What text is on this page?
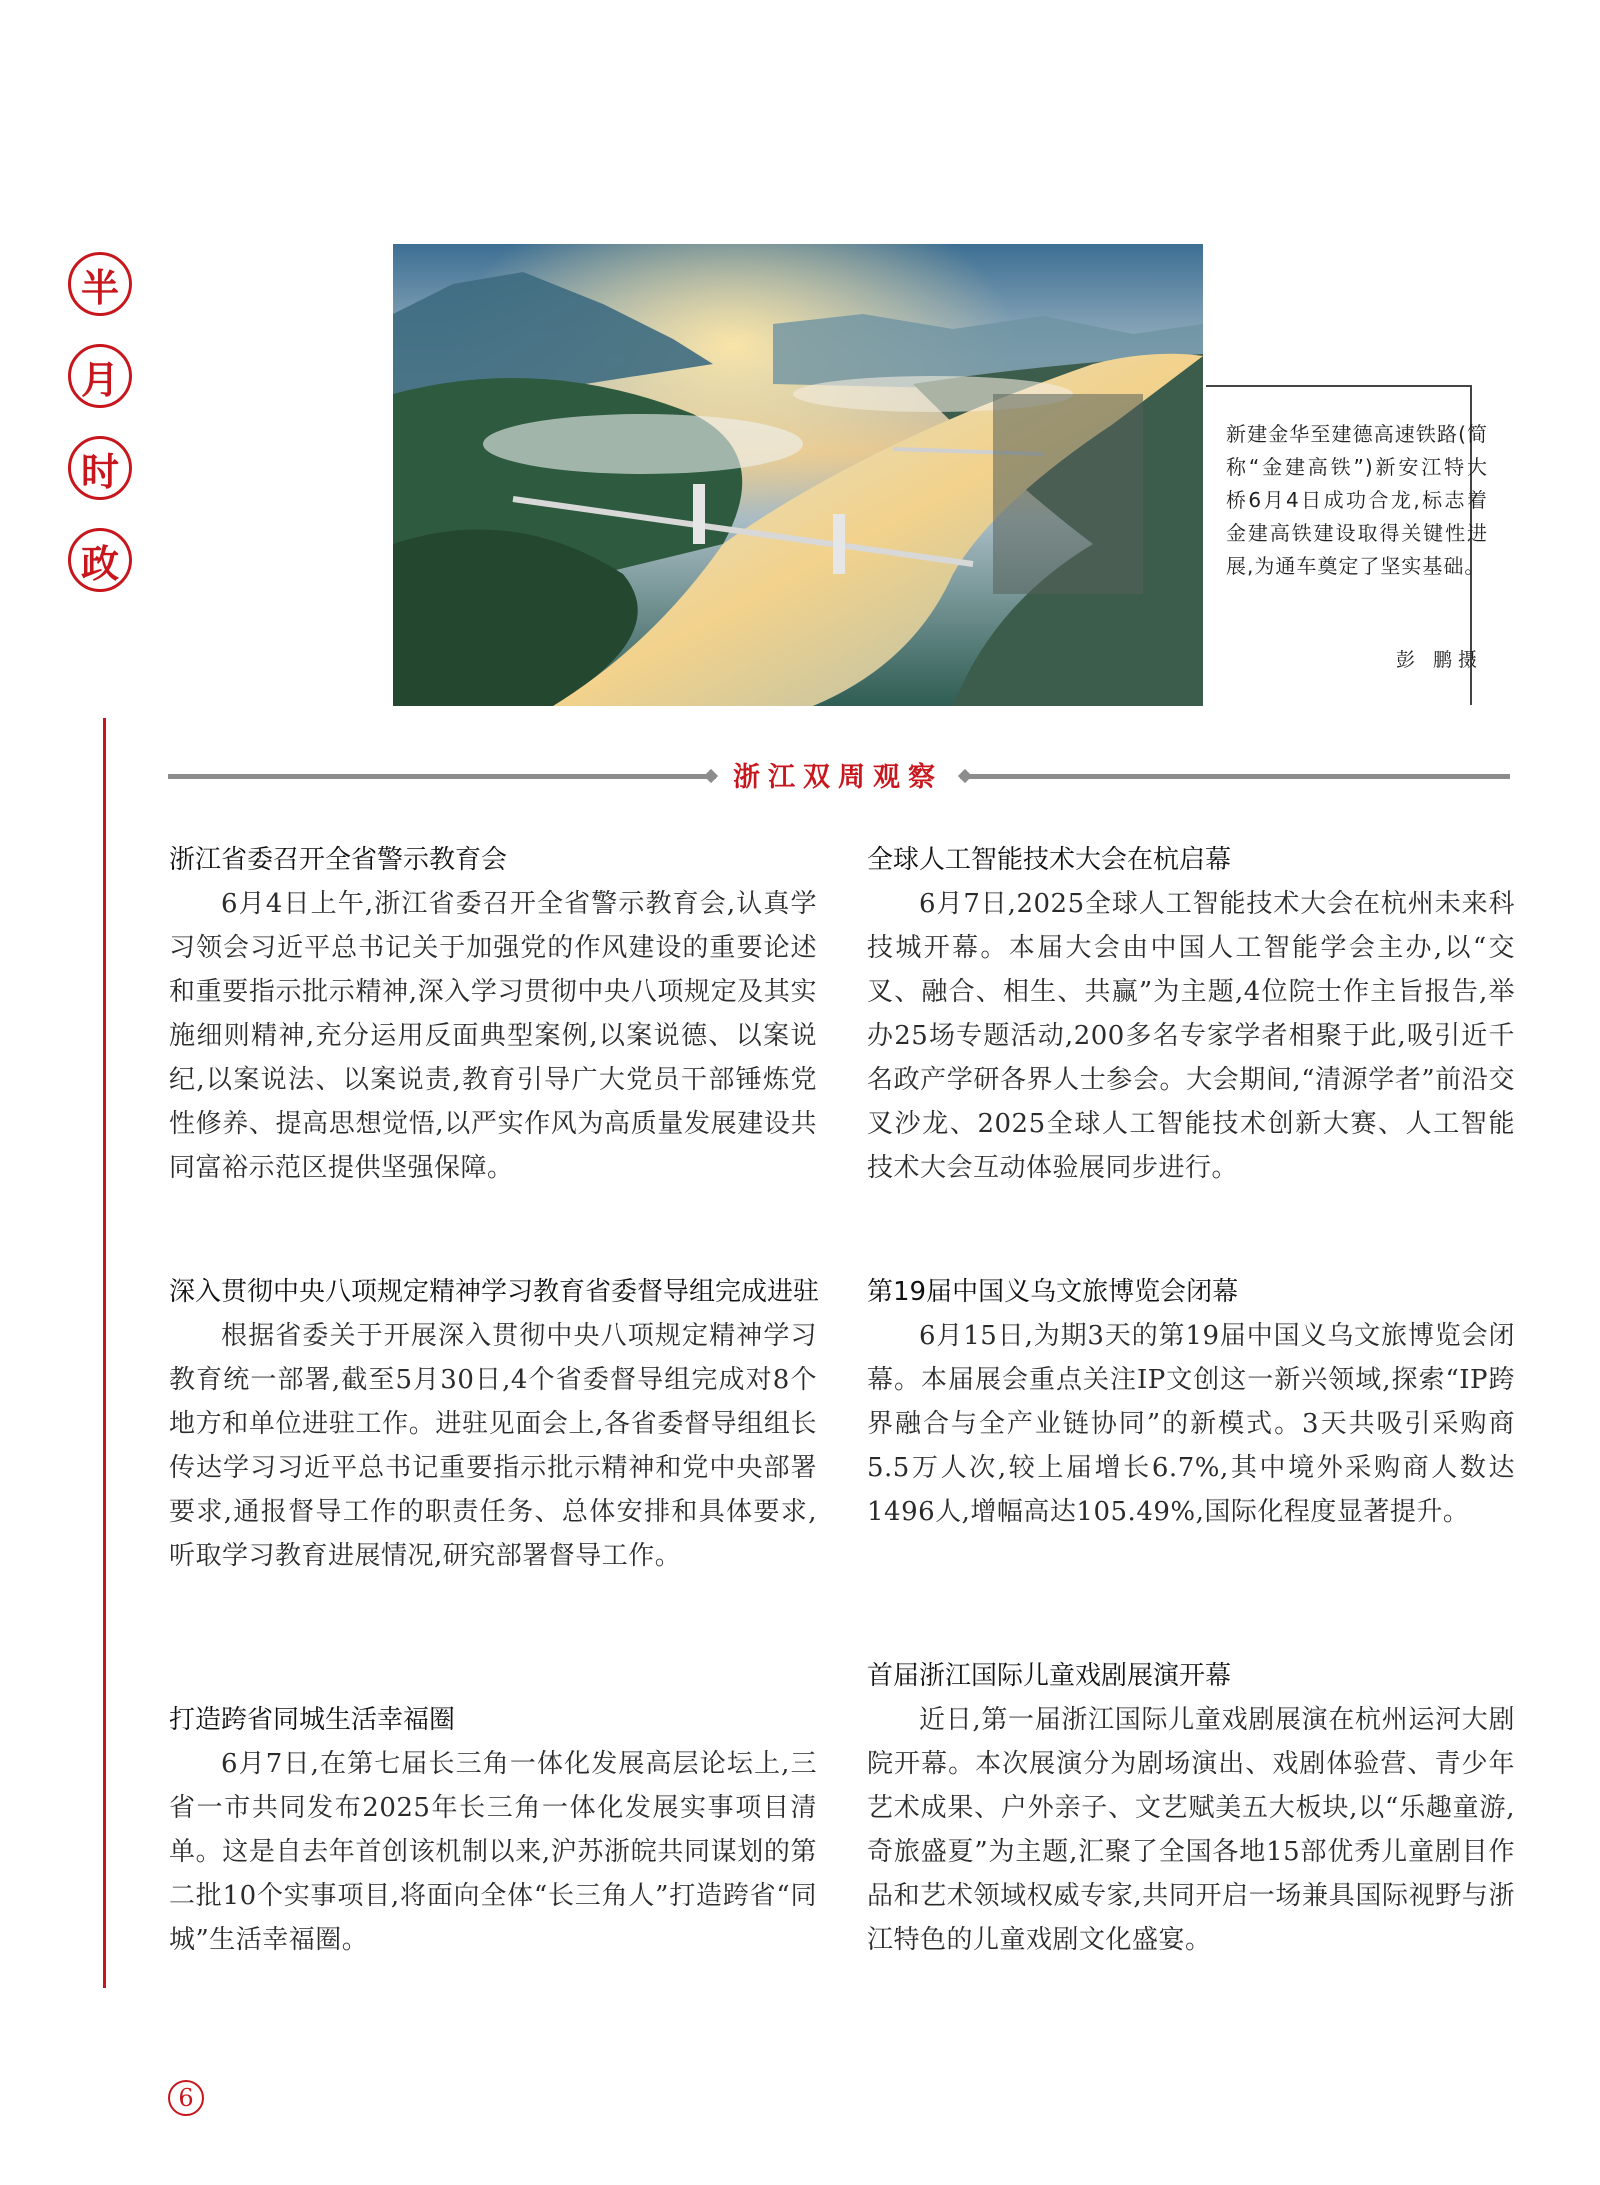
半
月
时
政
新建金华至建德高速铁路(简称“金建高铁”)新安江特大桥6月4日成功合龙,标志着金建高铁建设取得关键性进展,为通车奠定了坚实基础。
彭 鹏摄
浙江双周观察
浙江省委召开全省警示教育会
6月4日上午,浙江省委召开全省警示教育会,认真学习领会习近平总书记关于加强党的作风建设的重要论述和重要指示批示精神,深入学习贯彻中央八项规定及其实施细则精神,充分运用反面典型案例,以案说德、以案说纪,以案说法、以案说责,教育引导广大党员干部锤炼党性修养、提高思想觉悟,以严实作风为高质量发展建设共同富裕示范区提供坚强保障。
深入贯彻中央八项规定精神学习教育省委督导组完成进驻
根据省委关于开展深入贯彻中央八项规定精神学习教育统一部署,截至5月30日,4个省委督导组完成对8个地方和单位进驻工作。进驻见面会上,各省委督导组组长传达学习习近平总书记重要指示批示精神和党中央部署要求,通报督导工作的职责任务、总体安排和具体要求,听取学习教育进展情况,研究部署督导工作。
打造跨省同城生活幸福圈
6月7日,在第七届长三角一体化发展高层论坛上,三省一市共同发布2025年长三角一体化发展实事项目清单。这是自去年首创该机制以来,沪苏浙皖共同谋划的第二批10个实事项目,将面向全体“长三角人”打造跨省“同城”生活幸福圈。
全球人工智能技术大会在杭启幕
6月7日,2025全球人工智能技术大会在杭州未来科技城开幕。本届大会由中国人工智能学会主办,以“交叉、融合、相生、共赢”为主题,4位院士作主旨报告,举办25场专题活动,200多名专家学者相聚于此,吸引近千名政产学研各界人士参会。大会期间,“清源学者”前沿交叉沙龙、2025全球人工智能技术创新大赛、人工智能技术大会互动体验展同步进行。
第19届中国义乌文旅博览会闭幕
6月15日,为期3天的第19届中国义乌文旅博览会闭幕。本届展会重点关注IP文创这一新兴领域,探索“IP跨界融合与全产业链协同”的新模式。3天共吸引采购商5.5万人次,较上届增长6.7%,其中境外采购商人数达1496人,增幅高达105.49%,国际化程度显著提升。
首届浙江国际儿童戏剧展演开幕
近日,第一届浙江国际儿童戏剧展演在杭州运河大剧院开幕。本次展演分为剧场演出、戏剧体验营、青少年艺术成果、户外亲子、文艺赋美五大板块,以“乐趣童游,奇旅盛夏”为主题,汇聚了全国各地15部优秀儿童剧目作品和艺术领域权威专家,共同开启一场兼具国际视野与浙江特色的儿童戏剧文化盛宴。
6
